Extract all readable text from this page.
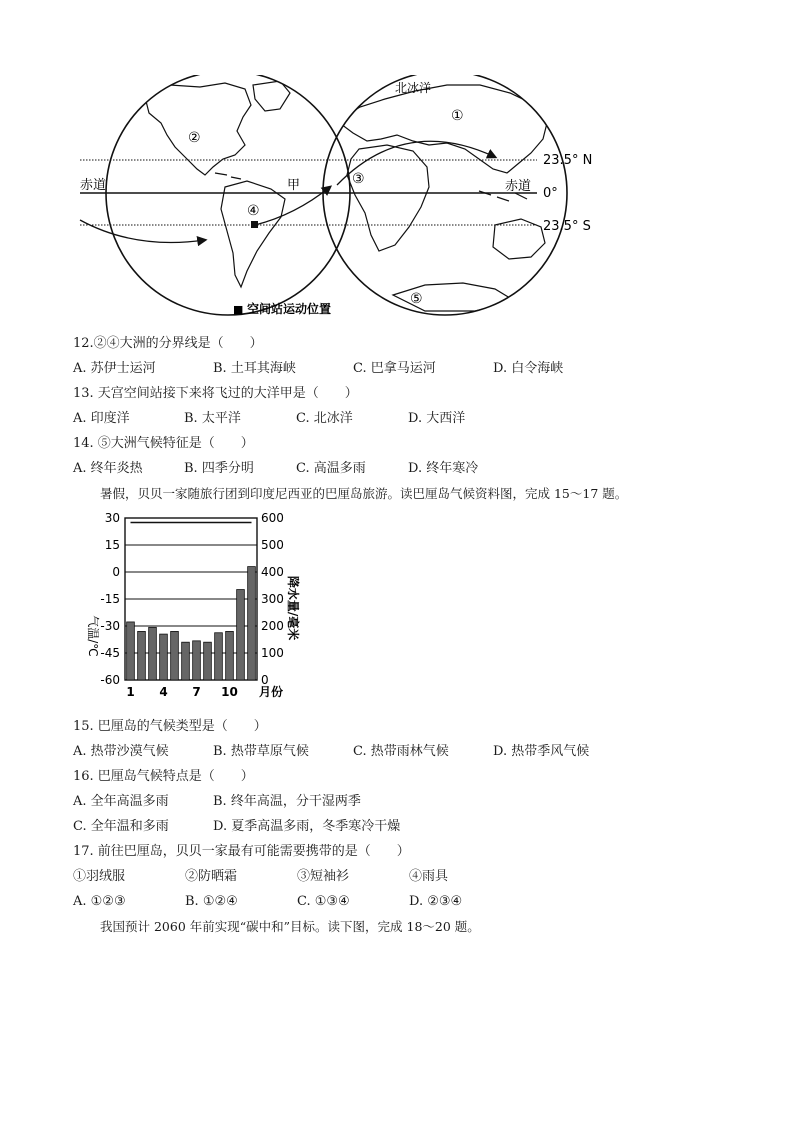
北冰洋
①
②
③
④
⑤
赤道	赤道
甲
23.5° N
0°
23.5° S
■ 空间站运动位置
12.②④大洲的分界线是（　　）
A. 苏伊士运河	B. 土耳其海峡	C. 巴拿马运河	D. 白令海峡
13. 天宫空间站接下来将飞过的大洋甲是（　　）
A. 印度洋	B. 太平洋	C. 北冰洋	D. 大西洋
14. ⑤大洲气候特征是（　　）
A. 终年炎热	B. 四季分明	C. 高温多雨	D. 终年寒冷
暑假，贝贝一家随旅行团到印度尼西亚的巴厘岛旅游。读巴厘岛气候资料图，完成 15～17 题。
30
15
0
-15
-30
-45
-60
600
500
400
300
200
100
0
1 4 7 10 月份
气温/℃	降水量/毫米
15. 巴厘岛的气候类型是（　　）
A. 热带沙漠气候	B. 热带草原气候	C. 热带雨林气候	D. 热带季风气候
16. 巴厘岛气候特点是（　　）
A. 全年高温多雨	B. 终年高温，分干湿两季
C. 全年温和多雨	D. 夏季高温多雨，冬季寒冷干燥
17. 前往巴厘岛，贝贝一家最有可能需要携带的是（　　）
①羽绒服	②防晒霜	③短袖衫	④雨具
A. ①②③	B. ①②④	C. ①③④	D. ②③④
我国预计 2060 年前实现“碳中和”目标。读下图，完成 18～20 题。
